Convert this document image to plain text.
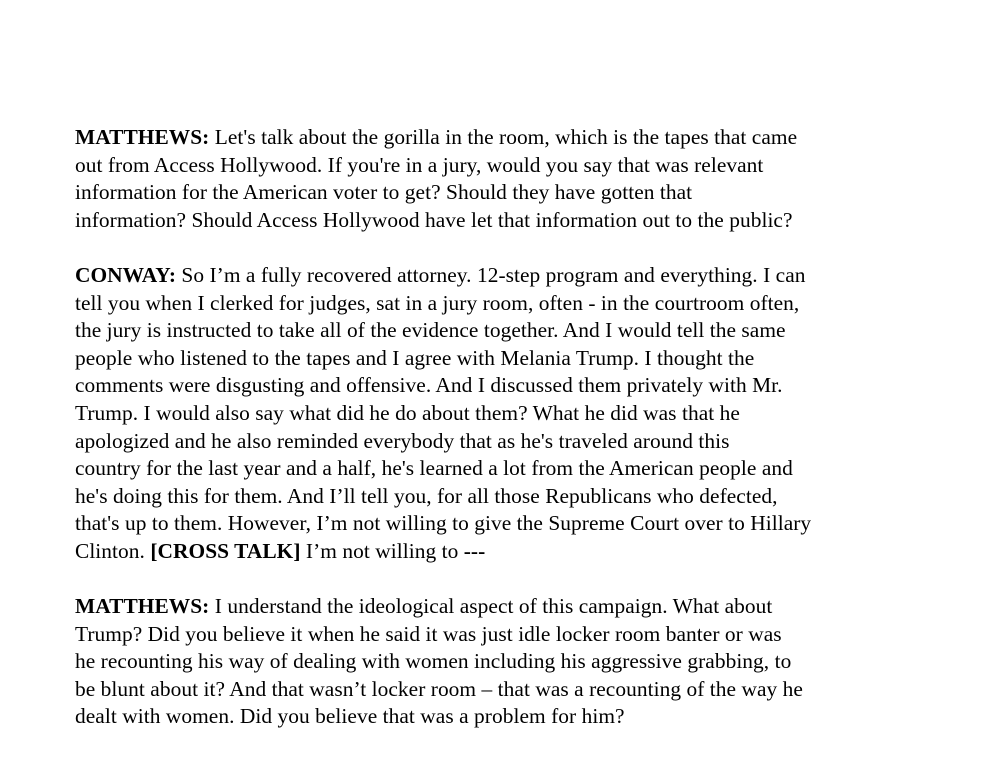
MATTHEWS: Let's talk about the gorilla in the room, which is the tapes that came
out from Access Hollywood. If you're in a jury, would you say that was relevant
information for the American voter to get? Should they have gotten that
information? Should Access Hollywood have let that information out to the public?
CONWAY: So I’m a fully recovered attorney. 12-step program and everything. I can
tell you when I clerked for judges, sat in a jury room, often - in the courtroom often,
the jury is instructed to take all of the evidence together. And I would tell the same
people who listened to the tapes and I agree with Melania Trump. I thought the
comments were disgusting and offensive. And I discussed them privately with Mr.
Trump. I would also say what did he do about them? What he did was that he
apologized and he also reminded everybody that as he's traveled around this
country for the last year and a half, he's learned a lot from the American people and
he's doing this for them. And I’ll tell you, for all those Republicans who defected,
that's up to them. However, I’m not willing to give the Supreme Court over to Hillary
Clinton. [CROSS TALK] I’m not willing to ---
MATTHEWS: I understand the ideological aspect of this campaign. What about
Trump? Did you believe it when he said it was just idle locker room banter or was
he recounting his way of dealing with women including his aggressive grabbing, to
be blunt about it? And that wasn’t locker room – that was a recounting of the way he
dealt with women. Did you believe that was a problem for him?
